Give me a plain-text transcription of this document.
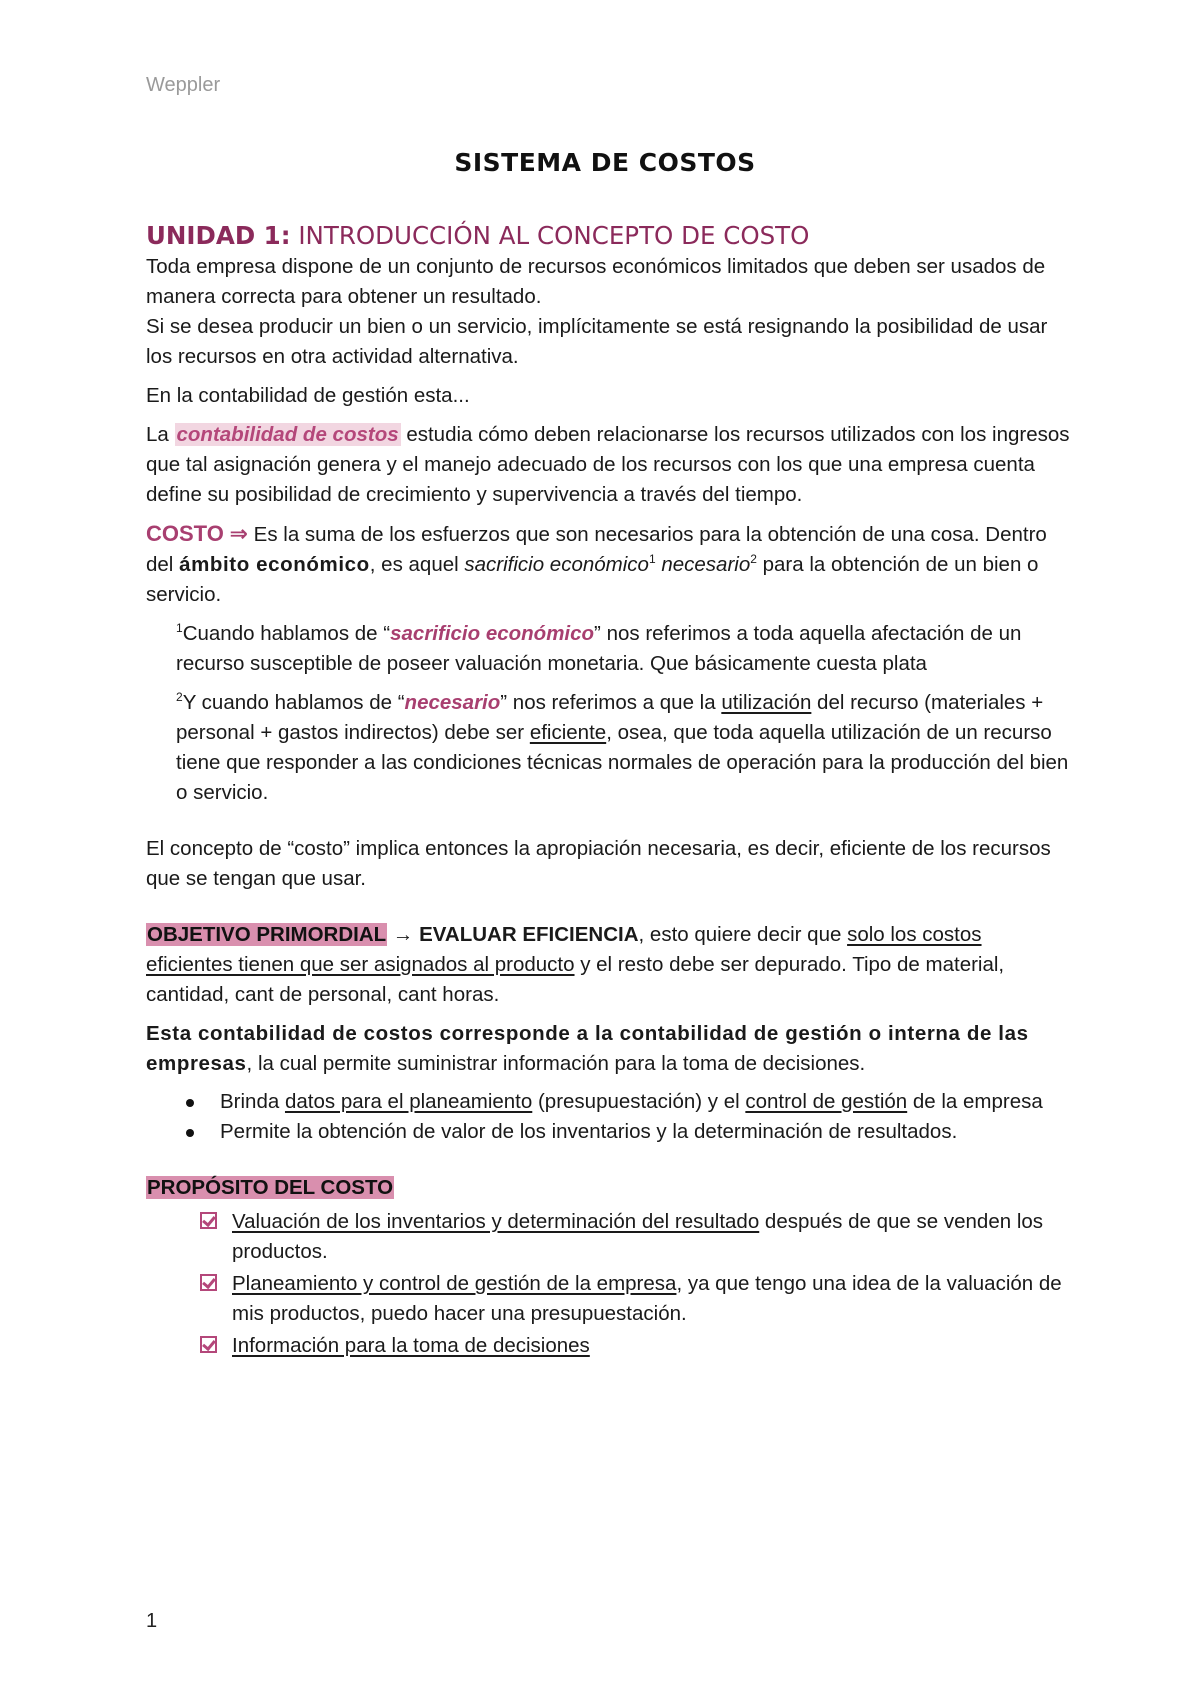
Weppler
SISTEMA DE COSTOS
UNIDAD 1: INTRODUCCIÓN AL CONCEPTO DE COSTO

Toda empresa dispone de un conjunto de recursos económicos limitados que deben ser usados de manera correcta para obtener un resultado.

Si se desea producir un bien o un servicio, implícitamente se está resignando la posibilidad de usar los recursos en otra actividad alternativa.

En la contabilidad de gestión esta...

La contabilidad de costos estudia cómo deben relacionarse los recursos utilizados con los ingresos que tal asignación genera y el manejo adecuado de los recursos con los que una empresa cuenta define su posibilidad de crecimiento y supervivencia a través del tiempo.

COSTO ⇒ Es la suma de los esfuerzos que son necesarios para la obtención de una cosa. Dentro del ámbito económico, es aquel sacrificio económico$^1$ necesario$^2$ para la obtención de un bien o servicio.

$^1$Cuando hablamos de “sacrificio económico” nos referimos a toda aquella afectación de un recurso susceptible de poseer valuación monetaria. Que básicamente cuesta plata

$^2$Y cuando hablamos de “necesario” nos referimos a que la utilización del recurso (materiales + personal + gastos indirectos) debe ser eficiente, osea, que toda aquella utilización de un recurso tiene que responder a las condiciones técnicas normales de operación para la producción del bien o servicio.

El concepto de “costo” implica entonces la apropiación necesaria, es decir, eficiente de los recursos que se tengan que usar.

OBJETIVO PRIMORDIAL → EVALUAR EFICIENCIA, esto quiere decir que solo los costos eficientes tienen que ser asignados al producto y el resto debe ser depurado. Tipo de material, cantidad, cant de personal, cant horas.

Esta contabilidad de costos corresponde a la contabilidad de gestión o interna de las empresas, la cual permite suministrar información para la toma de decisiones.

Brinda datos para el planeamiento (presupuestación) y el control de gestión de la empresa
Permite la obtención de valor de los inventarios y la determinación de resultados.

PROPÓSITO DEL COSTO

Valuación de los inventarios y determinación del resultado después de que se venden los productos.
Planeamiento y control de gestión de la empresa, ya que tengo una idea de la valuación de mis productos, puedo hacer una presupuestación.
Información para la toma de decisiones
1
